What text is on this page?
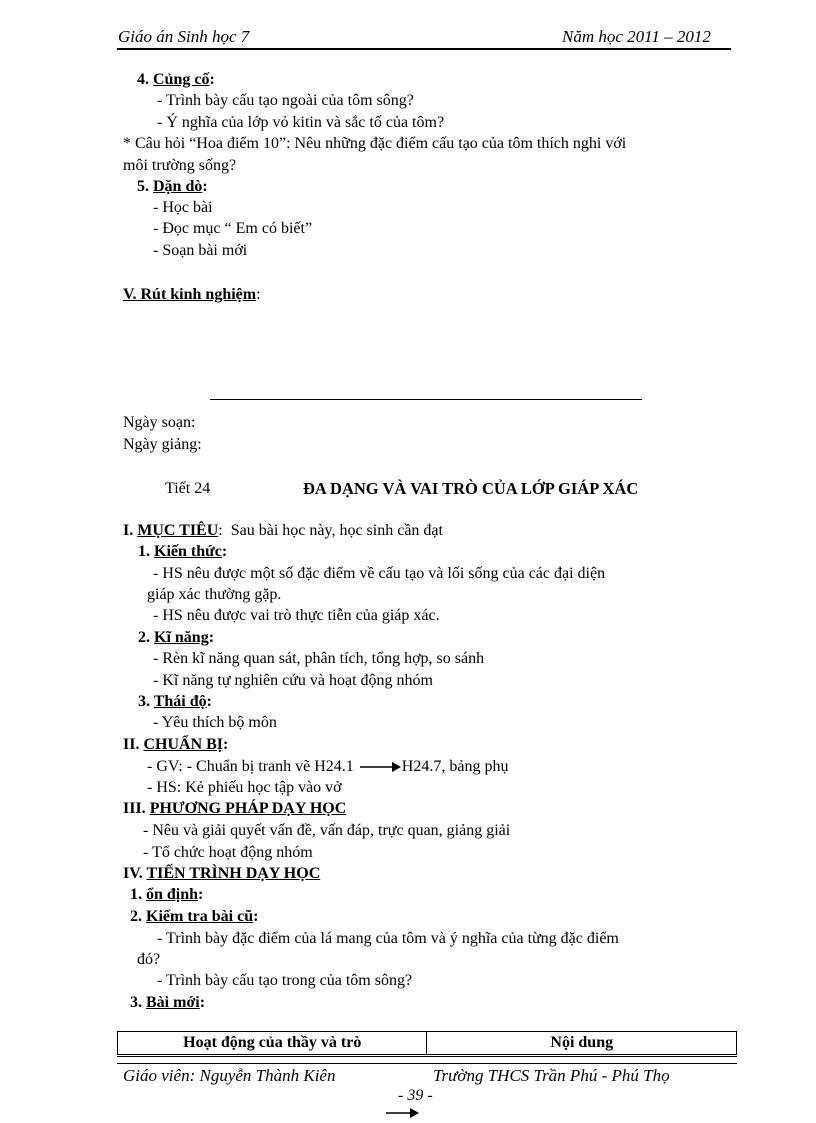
Giáo án Sinh học 7	Năm học 2011 – 2012
4. Củng cố:
- Trình bày cấu tạo ngoài của tôm sông?
- Ý nghĩa của lớp vỏ kitin và sắc tố của tôm?
* Câu hỏi “Hoa điểm 10”: Nêu những đặc điểm cấu tạo của tôm thích nghi với
môi trường sống?
5. Dặn dò:
- Học bài
- Đọc mục “ Em có biết”
- Soạn bài mới
V. Rút kinh nghiệm:
Ngày soạn:
Ngày giảng:
Tiết 24	ĐA DẠNG VÀ VAI TRÒ CỦA LỚP GIÁP XÁC
I. MỤC TIÊU: Sau bài học này, học sinh cần đạt
1. Kiến thức:
- HS nêu được một số đặc điểm về cấu tạo và lối sống của các đại diện
giáp xác thường gặp.
- HS nêu được vai trò thực tiễn của giáp xác.
2. Kĩ năng:
- Rèn kĩ năng quan sát, phân tích, tổng hợp, so sánh
- Kĩ năng tự nghiên cứu và hoạt động nhóm
3. Thái độ:
- Yêu thích bộ môn
II. CHUẨN BỊ:
- GV: - Chuẩn bị tranh vẽ H24.1	H24.7, bảng phụ
- HS: Kẻ phiếu học tập vào vở
III. PHƯƠNG PHÁP DẠY HỌC
- Nêu và giải quyết vấn đề, vấn đáp, trực quan, giảng giải
- Tổ chức hoạt động nhóm
IV. TIẾN TRÌNH DẠY HỌC
1. ổn định:
2. Kiểm tra bài cũ:
- Trình bày đặc điểm của lá mang của tôm và ý nghĩa của từng đặc điểm
đó?
- Trình bày cấu tạo trong của tôm sông?
3. Bài mới:
Hoạt động của thầy và trò	Nội dung
Giáo viên: Nguyễn Thành Kiên	Trường THCS Trần Phú - Phú Thọ
- 39 -
